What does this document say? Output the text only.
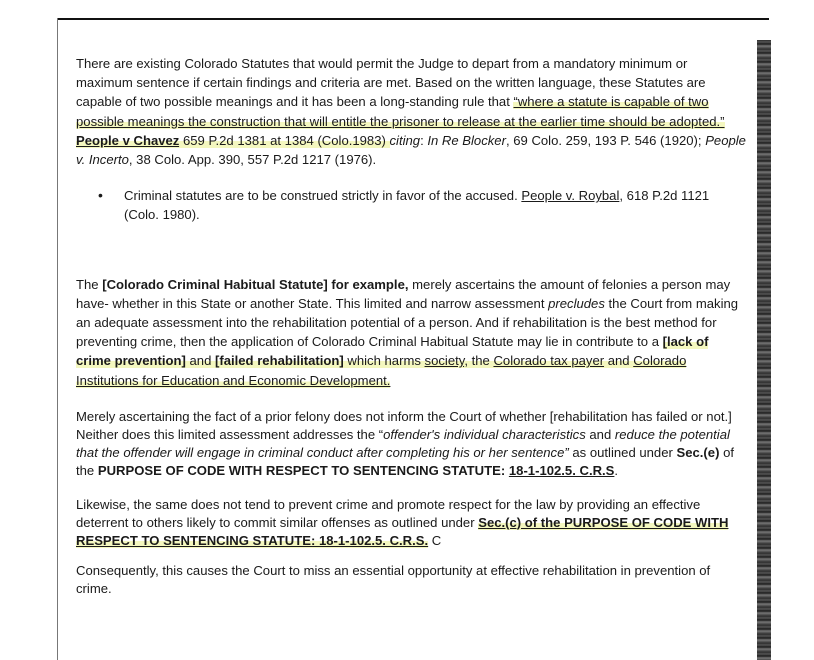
There are existing Colorado Statutes that would permit the Judge to depart from a mandatory minimum or maximum sentence if certain findings and criteria are met. Based on the written language, these Statutes are capable of two possible meanings and it has been a long-standing rule that “where a statute is capable of two possible meanings the construction that will entitle the prisoner to release at the earlier time should be adopted.” People v Chavez 659 P.2d 1381 at 1384 (Colo.1983) citing: In Re Blocker, 69 Colo. 259, 193 P. 546 (1920); People v. Incerto, 38 Colo. App. 390, 557 P.2d 1217 (1976).

•	Criminal statutes are to be construed strictly in favor of the accused. People v. Roybal, 618 P.2d 1121 (Colo. 1980).

The [Colorado Criminal Habitual Statute] for example, merely ascertains the amount of felonies a person may have- whether in this State or another State. This limited and narrow assessment precludes the Court from making an adequate assessment into the rehabilitation potential of a person. And if rehabilitation is the best method for preventing crime, then the application of Colorado Criminal Habitual Statute may lie in contribute to a [lack of crime prevention] and [failed rehabilitation] which harms society, the Colorado tax payer and Colorado Institutions for Education and Economic Development.

Merely ascertaining the fact of a prior felony does not inform the Court of whether [rehabilitation has failed or not.] Neither does this limited assessment addresses the “offender's individual characteristics and reduce the potential that the offender will engage in criminal conduct after completing his or her sentence” as outlined under Sec.(e) of the PURPOSE OF CODE WITH RESPECT TO SENTENCING STATUTE: 18-1-102.5. C.R.S.

Likewise, the same does not tend to prevent crime and promote respect for the law by providing an effective deterrent to others likely to commit similar offenses as outlined under Sec.(c) of the PURPOSE OF CODE WITH RESPECT TO SENTENCING STATUTE: 18-1-102.5. C.R.S. C

Consequently, this causes the Court to miss an essential opportunity at effective rehabilitation in prevention of crime.
